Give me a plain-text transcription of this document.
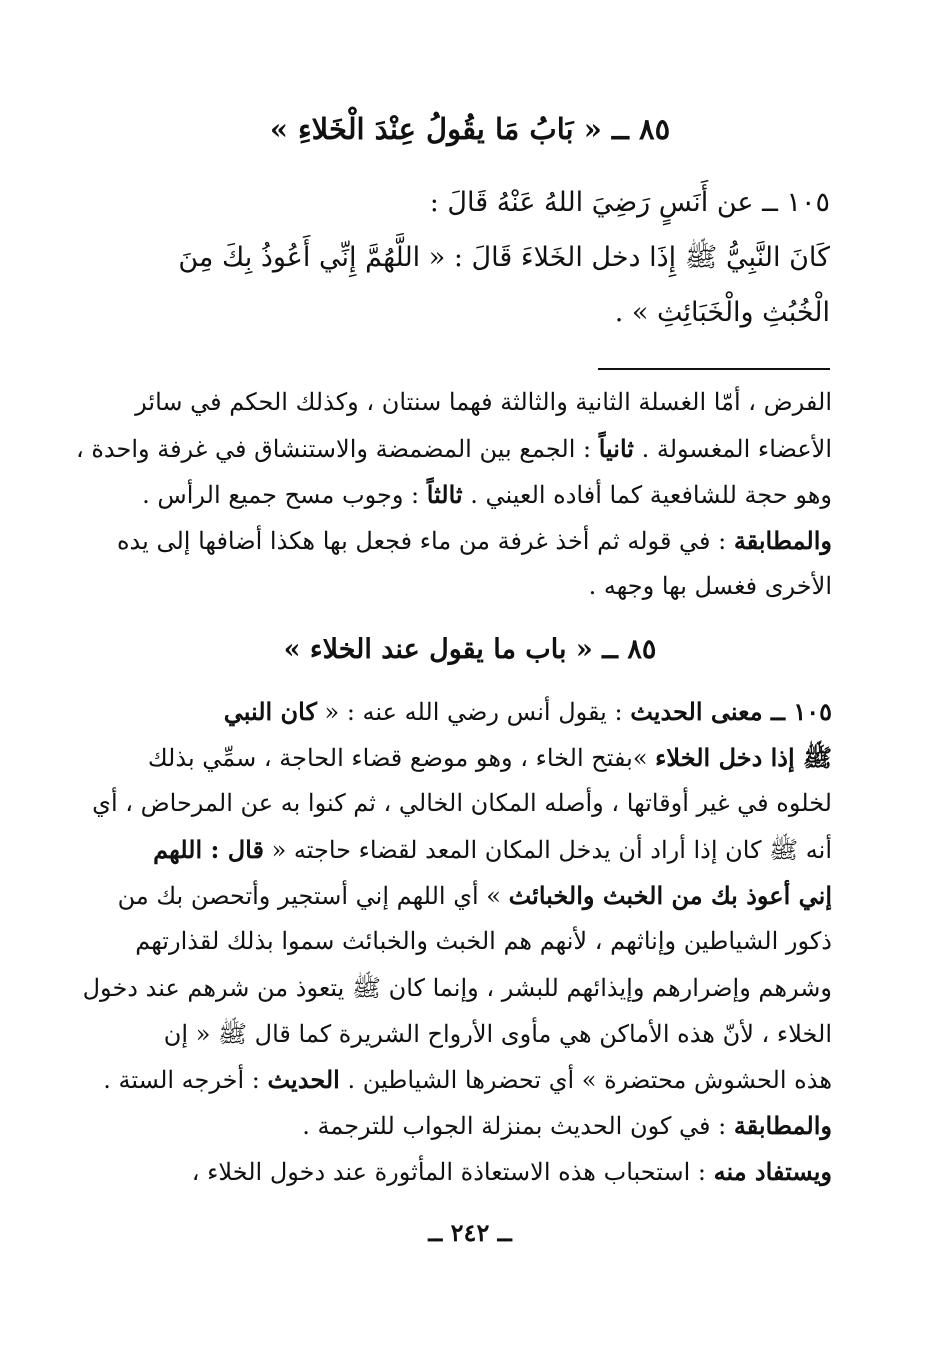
٨٥ ــ « بَابُ مَا يقُولُ عِنْدَ الْخَلاءِ »
١٠٥ ــ عن أَنَسٍ رَضِيَ اللهُ عَنْهُ قَالَ :
كَانَ النَّبِيُّ ﷺ إِذَا دخل الخَلاءَ قَالَ : « اللَّهُمَّ إِنِّي أَعُوذُ بِكَ مِنَ
الْخُبُثِ والْخَبَائِثِ » .
الفرض ، أمّا الغسلة الثانية والثالثة فهما سنتان ، وكذلك الحكم في سائر
الأعضاء المغسولة . ثانياً : الجمع بين المضمضة والاستنشاق في غرفة واحدة ،
وهو حجة للشافعية كما أفاده العيني . ثالثاً : وجوب مسح جميع الرأس .
والمطابقة : في قوله ثم أخذ غرفة من ماء فجعل بها هكذا أضافها إلى يده
الأخرى فغسل بها وجهه .
٨٥ ــ « باب ما يقول عند الخلاء »
١٠٥ ــ معنى الحديث : يقول أنس رضي الله عنه : « كان النبي
ﷺ إذا دخل الخلاء »بفتح الخاء ، وهو موضع قضاء الحاجة ، سمِّي بذلك
لخلوه في غير أوقاتها ، وأصله المكان الخالي ، ثم كنوا به عن المرحاض ، أي
أنه ﷺ كان إذا أراد أن يدخل المكان المعد لقضاء حاجته « قال : اللهم
إني أعوذ بك من الخبث والخبائث » أي اللهم إني أستجير وأتحصن بك من
ذكور الشياطين وإناثهم ، لأنهم هم الخبث والخبائث سموا بذلك لقذارتهم
وشرهم وإضرارهم وإيذائهم للبشر ، وإنما كان ﷺ يتعوذ من شرهم عند دخول
الخلاء ، لأنّ هذه الأماكن هي مأوى الأرواح الشريرة كما قال ﷺ « إن
هذه الحشوش محتضرة » أي تحضرها الشياطين . الحديث : أخرجه الستة .
والمطابقة : في كون الحديث بمنزلة الجواب للترجمة .
ويستفاد منه : استحباب هذه الاستعاذة المأثورة عند دخول الخلاء ،
ــ ٢٤٢ ــ
